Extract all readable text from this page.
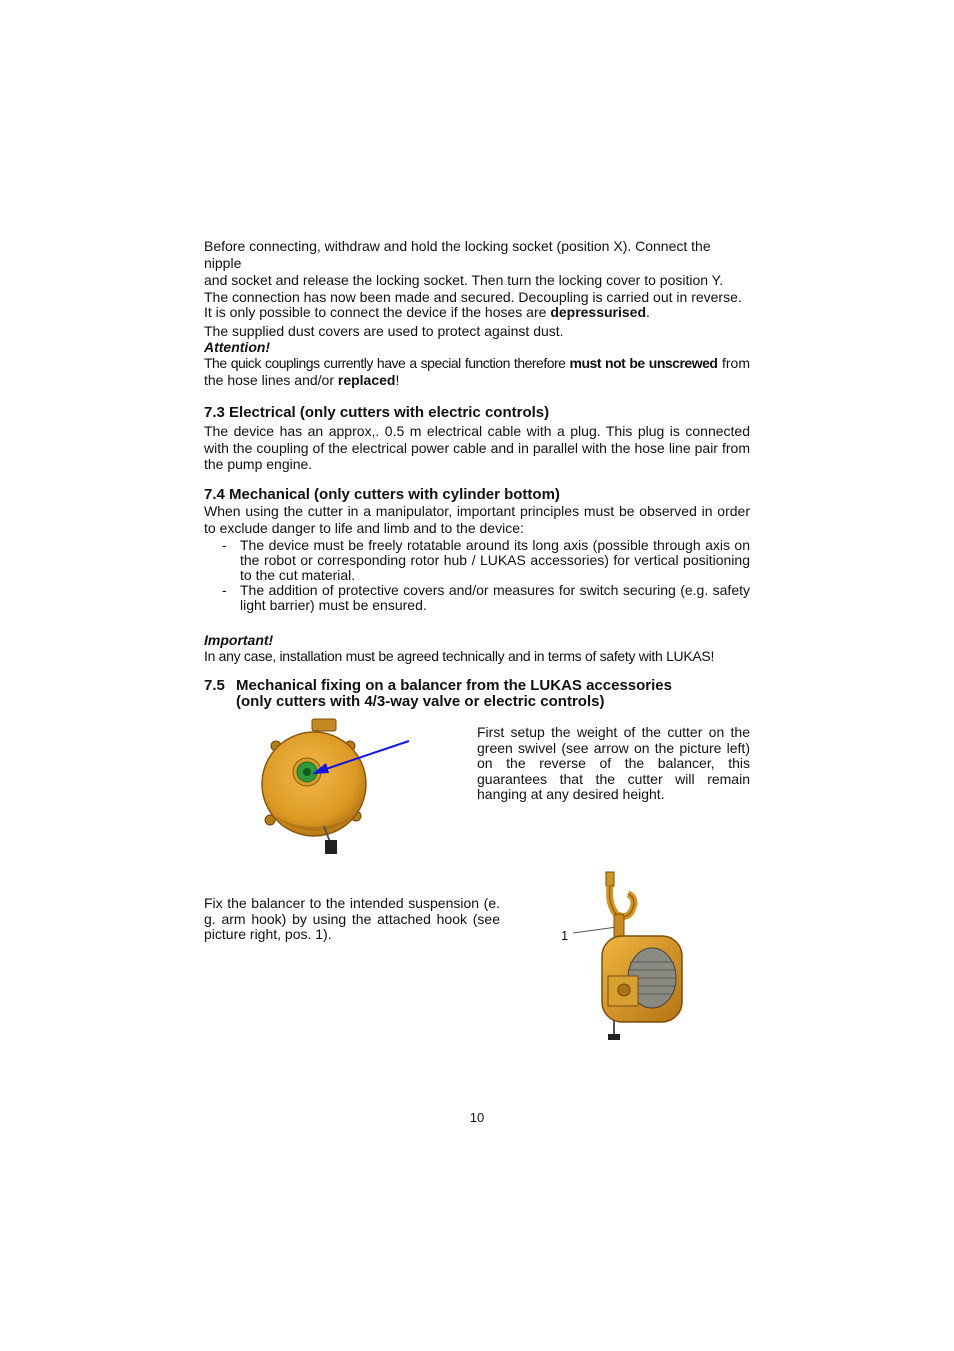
Before connecting, withdraw and hold the locking socket (position X). Connect the nipple

and socket and release the locking socket. Then turn the locking cover to position Y.

The connection has now been made and secured. Decoupling is carried out in reverse.

It is only possible to connect the device if the hoses are depressurised.

The supplied dust covers are used to protect against dust.

Attention!

The quick couplings currently have a special function therefore must not be unscrewed from the hose lines and/or replaced!

7.3 Electrical (only cutters with electric controls)

The device has an approx,. 0.5 m electrical cable with a plug. This plug is connected with the coupling of the electrical power cable and in parallel with the hose line pair from the pump engine.

7.4 Mechanical (only cutters with cylinder bottom)

When using the cutter in a manipulator, important principles must be observed in order to exclude danger to life and limb and to the device:

- The device must be freely rotatable around its long axis (possible through axis on the robot or corresponding rotor hub / LUKAS accessories) for vertical positioning to the cut material.
- The addition of protective covers and/or measures for switch securing (e.g. safety light barrier) must be ensured.

Important!

In any case, installation must be agreed technically and in terms of safety with LUKAS!

7.5 Mechanical fixing on a balancer from the LUKAS accessories
(only cutters with 4/3-way valve or electric controls)

First setup the weight of the cutter on the green swivel (see arrow on the picture left) on the reverse of the balancer, this guarantees that the cutter will remain hanging at any desired height.

Fix the balancer to the intended suspension (e. g. arm hook) by using the attached hook (see picture right, pos. 1).	1
10
